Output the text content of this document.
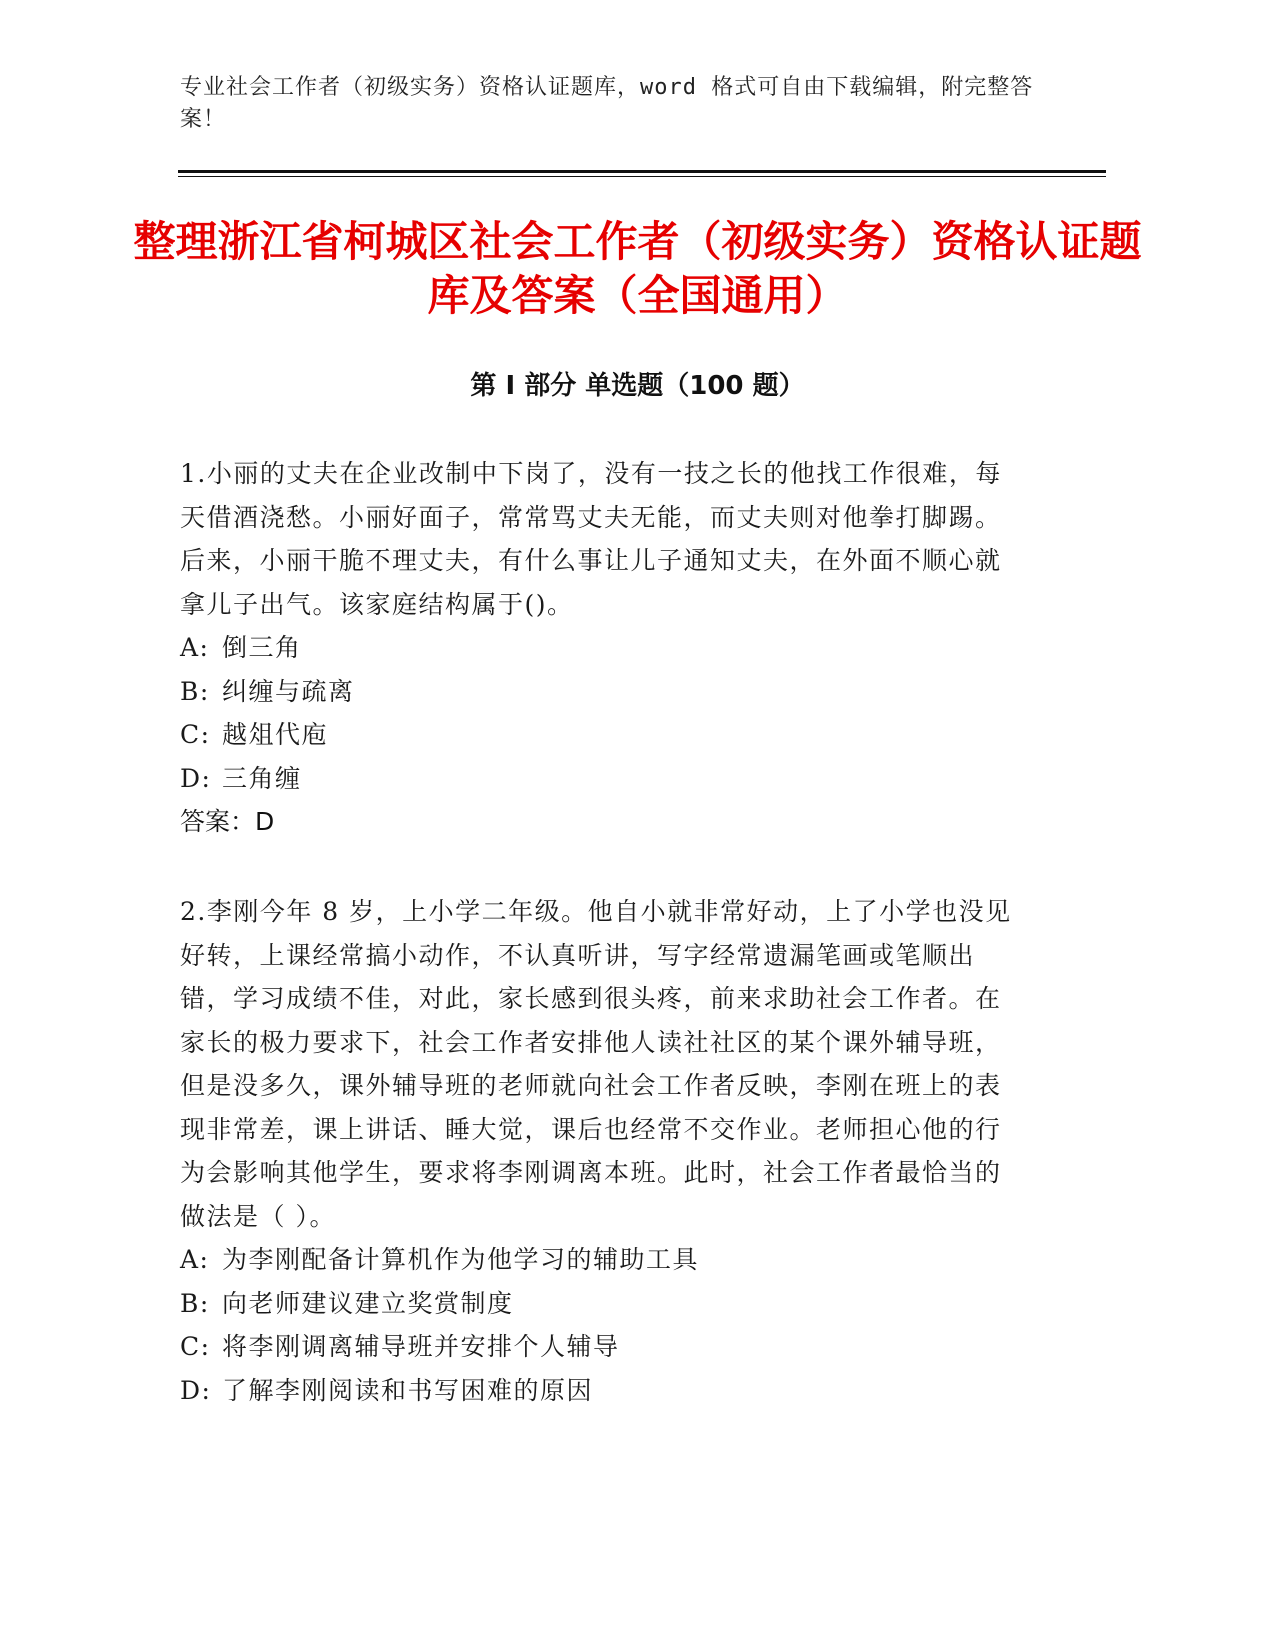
专业社会工作者（初级实务）资格认证题库，word 格式可自由下载编辑，附完整答案！
整理浙江省柯城区社会工作者（初级实务）资格认证题库及答案（全国通用）
第 I 部分 单选题（100 题）

1.小丽的丈夫在企业改制中下岗了，没有一技之长的他找工作很难，每天借酒浇愁。小丽好面子，常常骂丈夫无能，而丈夫则对他拳打脚踢。后来，小丽干脆不理丈夫，有什么事让儿子通知丈夫，在外面不顺心就拿儿子出气。该家庭结构属于()。

A: 倒三角
B: 纠缠与疏离
C: 越俎代庖
D: 三角缠

答案：D

2.李刚今年 8 岁，上小学二年级。他自小就非常好动，上了小学也没见好转，上课经常搞小动作，不认真听讲，写字经常遗漏笔画或笔顺出错，学习成绩不佳，对此，家长感到很头疼，前来求助社会工作者。在家长的极力要求下，社会工作者安排他人读社社区的某个课外辅导班，但是没多久，课外辅导班的老师就向社会工作者反映，李刚在班上的表现非常差，课上讲话、睡大觉，课后也经常不交作业。老师担心他的行为会影响其他学生，要求将李刚调离本班。此时，社会工作者最恰当的做法是（ ）。

A: 为李刚配备计算机作为他学习的辅助工具
B: 向老师建议建立奖赏制度
C: 将李刚调离辅导班并安排个人辅导
D: 了解李刚阅读和书写困难的原因
